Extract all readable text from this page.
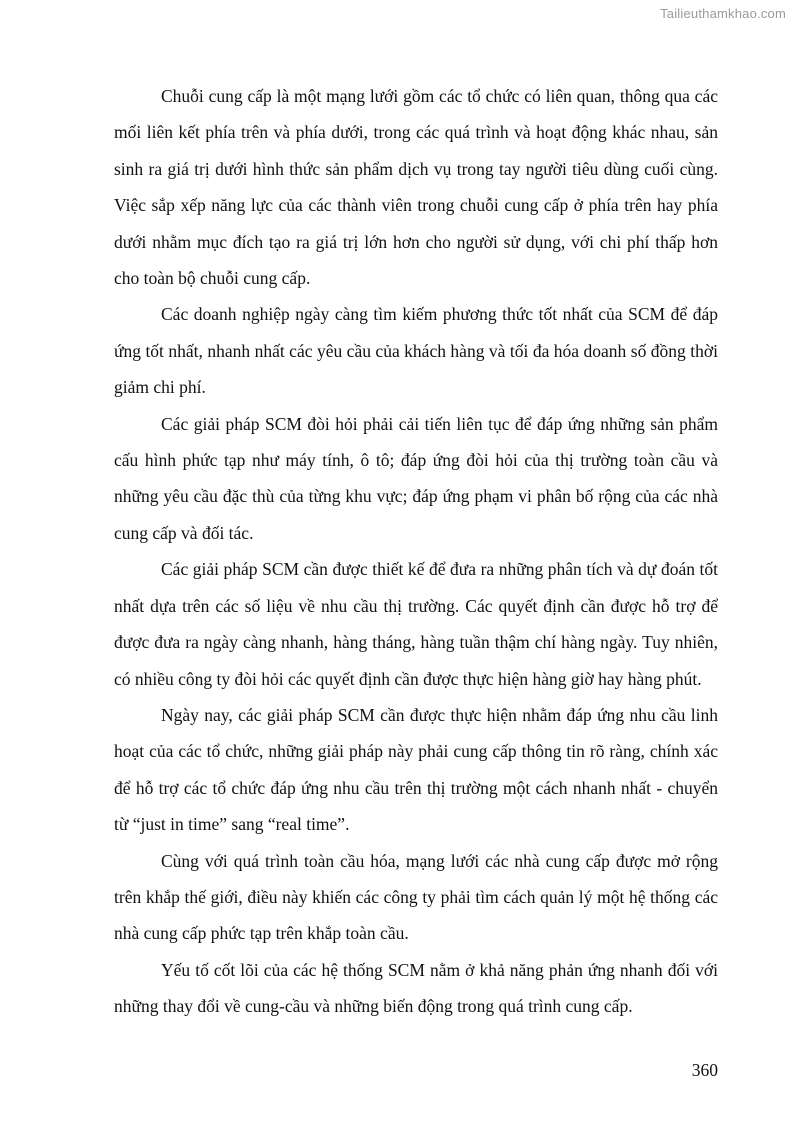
Tailieuthamkhao.com

Chuỗi cung cấp là một mạng lưới gồm các tổ chức có liên quan, thông qua các mối liên kết phía trên và phía dưới, trong các quá trình và hoạt động khác nhau, sản sinh ra giá trị dưới hình thức sản phẩm dịch vụ trong tay người tiêu dùng cuối cùng. Việc sắp xếp năng lực của các thành viên trong chuỗi cung cấp ở phía trên hay phía dưới nhằm mục đích tạo ra giá trị lớn hơn cho người sử dụng, với chi phí thấp hơn cho toàn bộ chuỗi cung cấp.

Các doanh nghiệp ngày càng tìm kiếm phương thức tốt nhất của SCM để đáp ứng tốt nhất, nhanh nhất các yêu cầu của khách hàng và tối đa hóa doanh số đồng thời giảm chi phí.

Các giải pháp SCM đòi hỏi phải cải tiến liên tục để đáp ứng những sản phẩm cấu hình phức tạp như máy tính, ô tô; đáp ứng đòi hỏi của thị trường toàn cầu và những yêu cầu đặc thù của từng khu vực; đáp ứng phạm vi phân bố rộng của các nhà cung cấp và đối tác.

Các giải pháp SCM cần được thiết kế để đưa ra những phân tích và dự đoán tốt nhất dựa trên các số liệu về nhu cầu thị trường. Các quyết định cần được hỗ trợ để được đưa ra ngày càng nhanh, hàng tháng, hàng tuần thậm chí hàng ngày. Tuy nhiên, có nhiều công ty đòi hỏi các quyết định cần được thực hiện hàng giờ hay hàng phút.

Ngày nay, các giải pháp SCM cần được thực hiện nhằm đáp ứng nhu cầu linh hoạt của các tổ chức, những giải pháp này phải cung cấp thông tin rõ ràng, chính xác để hỗ trợ các tổ chức đáp ứng nhu cầu trên thị trường một cách nhanh nhất - chuyển từ “just in time” sang “real time”.

Cùng với quá trình toàn cầu hóa, mạng lưới các nhà cung cấp được mở rộng trên khắp thế giới, điều này khiến các công ty phải tìm cách quản lý một hệ thống các nhà cung cấp phức tạp trên khắp toàn cầu.

Yếu tố cốt lõi của các hệ thống SCM nằm ở khả năng phản ứng nhanh đối với những thay đổi về cung-cầu và những biến động trong quá trình cung cấp.

360
